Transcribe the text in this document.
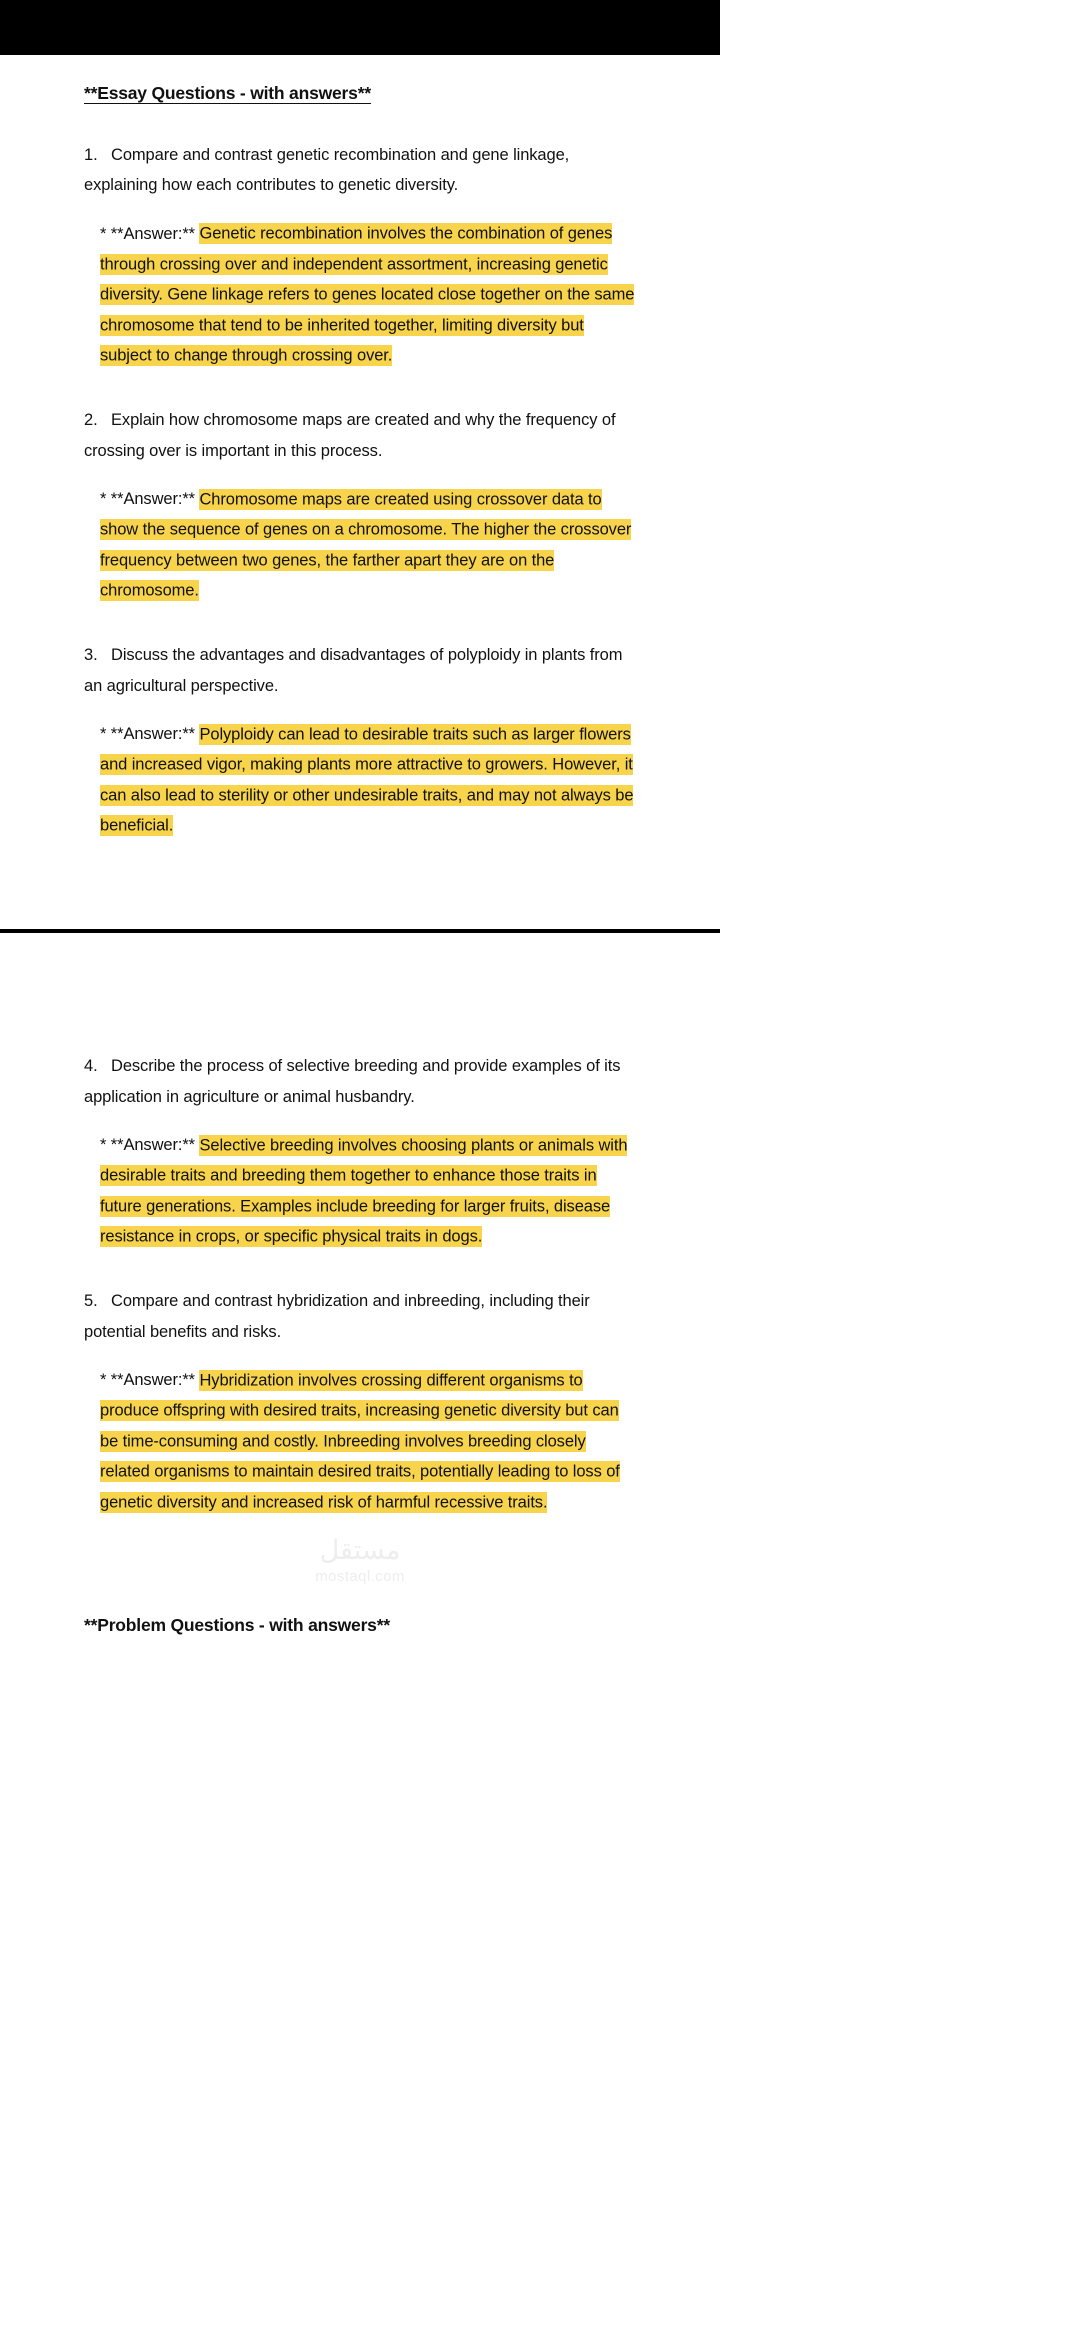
**Essay Questions - with answers**

1. Compare and contrast genetic recombination and gene linkage, explaining how each contributes to genetic diversity.

* **Answer:** Genetic recombination involves the combination of genes through crossing over and independent assortment, increasing genetic diversity. Gene linkage refers to genes located close together on the same chromosome that tend to be inherited together, limiting diversity but subject to change through crossing over.

2. Explain how chromosome maps are created and why the frequency of crossing over is important in this process.

* **Answer:** Chromosome maps are created using crossover data to show the sequence of genes on a chromosome. The higher the crossover frequency between two genes, the farther apart they are on the chromosome.

3. Discuss the advantages and disadvantages of polyploidy in plants from an agricultural perspective.

* **Answer:** Polyploidy can lead to desirable traits such as larger flowers and increased vigor, making plants more attractive to growers. However, it can also lead to sterility or other undesirable traits, and may not always be beneficial.

4. Describe the process of selective breeding and provide examples of its application in agriculture or animal husbandry.

* **Answer:** Selective breeding involves choosing plants or animals with desirable traits and breeding them together to enhance those traits in future generations. Examples include breeding for larger fruits, disease resistance in crops, or specific physical traits in dogs.

5. Compare and contrast hybridization and inbreeding, including their potential benefits and risks.

* **Answer:** Hybridization involves crossing different organisms to produce offspring with desired traits, increasing genetic diversity but can be time-consuming and costly. Inbreeding involves breeding closely related organisms to maintain desired traits, potentially leading to loss of genetic diversity and increased risk of harmful recessive traits.

مستقل
mostaql.com
**Problem Questions - with answers**
